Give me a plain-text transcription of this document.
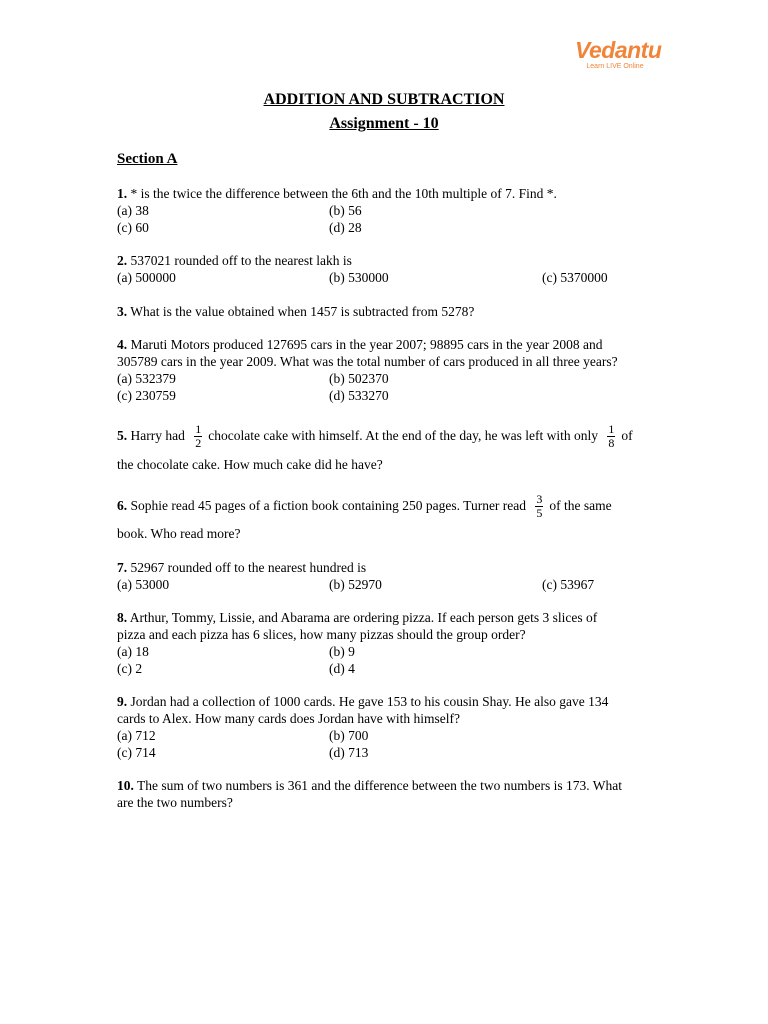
Vedantu
Learn LIVE Online
ADDITION AND SUBTRACTION
Assignment - 10
Section A
1. * is the twice the difference between the 6th and the 10th multiple of 7. Find *.
(a) 38	(b) 56
(c) 60	(d) 28
2. 537021 rounded off to the nearest lakh is
(a) 500000	(b) 530000	(c) 5370000
3. What is the value obtained when 1457 is subtracted from 5278?
4. Maruti Motors produced 127695 cars in the year 2007; 98895 cars in the year 2008 and
305789 cars in the year 2009. What was the total number of cars produced in all three years?
(a) 532379	(b) 502370
(c) 230759	(d) 533270
5. Harry had $\frac{1}{2}$ chocolate cake with himself. At the end of the day, he was left with only $\frac{1}{8}$ of
the chocolate cake. How much cake did he have?
6. Sophie read 45 pages of a fiction book containing 250 pages. Turner read $\frac{3}{5}$ of the same
book. Who read more?
7. 52967 rounded off to the nearest hundred is
(a) 53000	(b) 52970	(c) 53967
8. Arthur, Tommy, Lissie, and Abarama are ordering pizza. If each person gets 3 slices of
pizza and each pizza has 6 slices, how many pizzas should the group order?
(a) 18	(b) 9
(c) 2	(d) 4
9. Jordan had a collection of 1000 cards. He gave 153 to his cousin Shay. He also gave 134
cards to Alex. How many cards does Jordan have with himself?
(a) 712	(b) 700
(c) 714	(d) 713
10. The sum of two numbers is 361 and the difference between the two numbers is 173. What
are the two numbers?
